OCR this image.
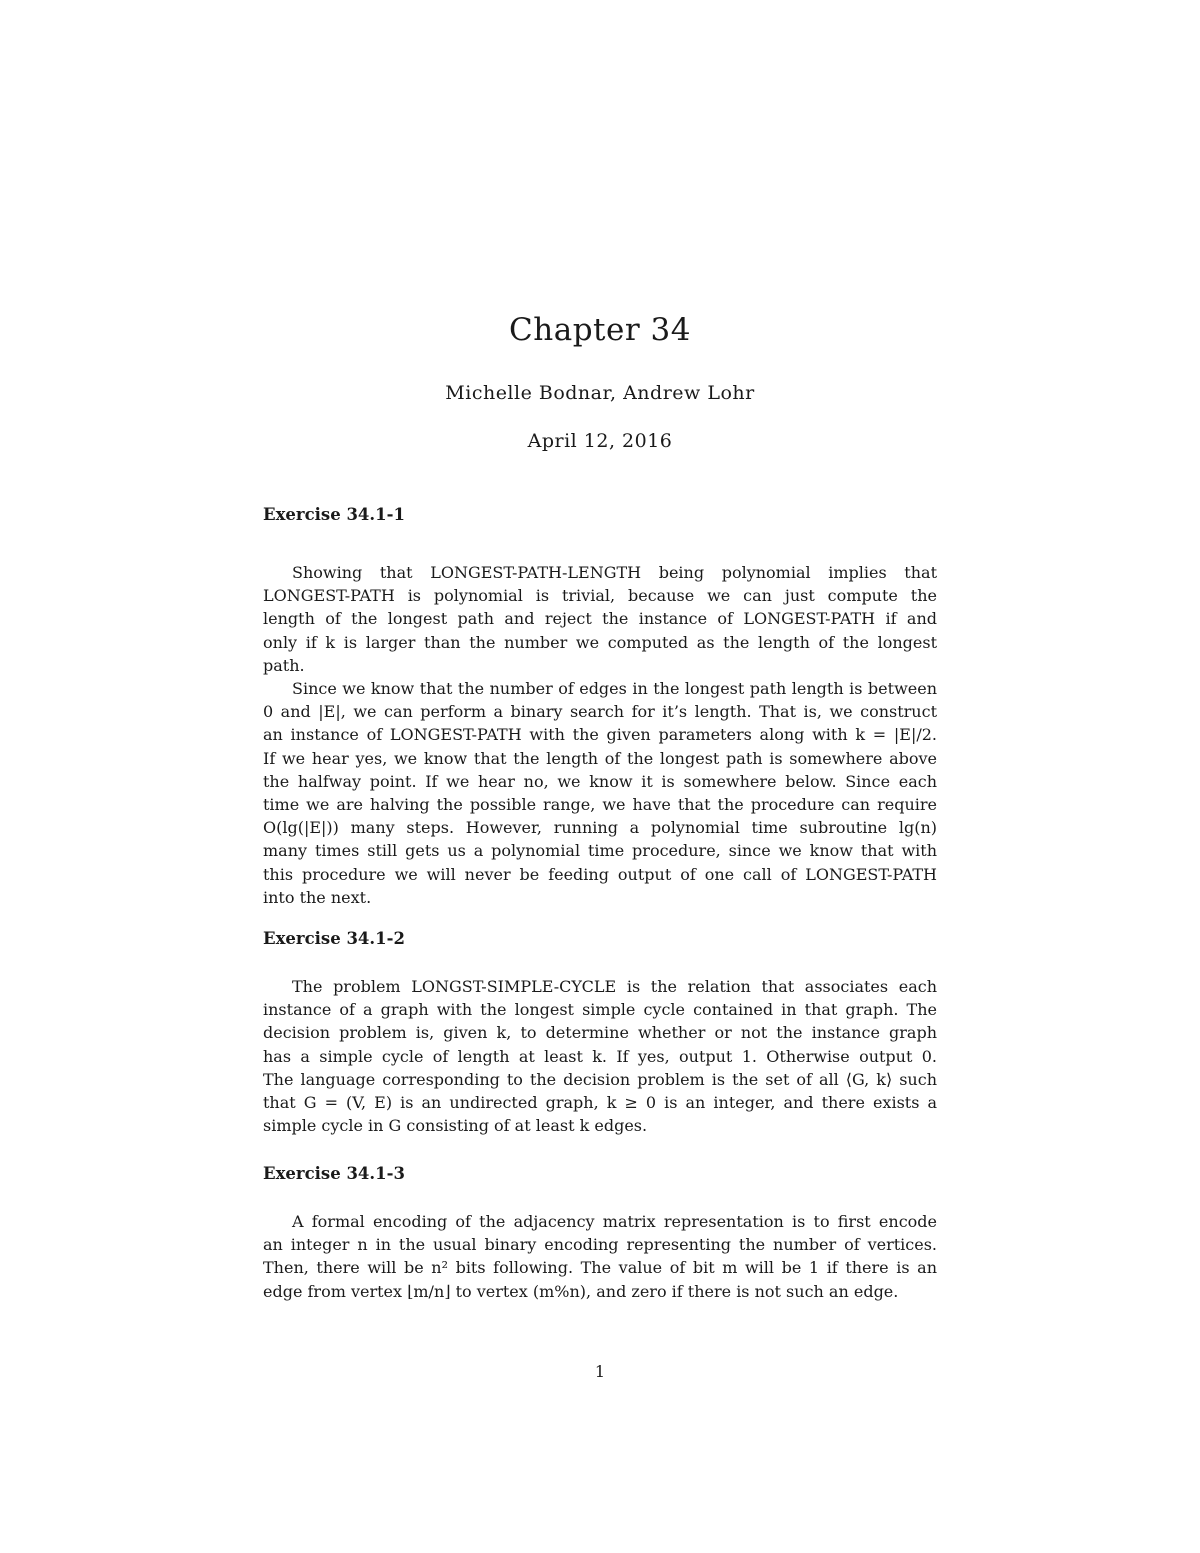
Chapter 34
Michelle Bodnar, Andrew Lohr
April 12, 2016
Exercise 34.1-1
Showing that LONGEST-PATH-LENGTH being polynomial implies that
LONGEST-PATH is polynomial is trivial, because we can just compute the
length of the longest path and reject the instance of LONGEST-PATH if and
only if k is larger than the number we computed as the length of the longest
path.
Since we know that the number of edges in the longest path length is between
0 and |E|, we can perform a binary search for it’s length. That is, we construct
an instance of LONGEST-PATH with the given parameters along with k = |E|/2.
If we hear yes, we know that the length of the longest path is somewhere above
the halfway point. If we hear no, we know it is somewhere below. Since each
time we are halving the possible range, we have that the procedure can require
O(lg(|E|)) many steps. However, running a polynomial time subroutine lg(n)
many times still gets us a polynomial time procedure, since we know that with
this procedure we will never be feeding output of one call of LONGEST-PATH
into the next.
Exercise 34.1-2
The problem LONGST-SIMPLE-CYCLE is the relation that associates each
instance of a graph with the longest simple cycle contained in that graph. The
decision problem is, given k, to determine whether or not the instance graph
has a simple cycle of length at least k. If yes, output 1. Otherwise output 0.
The language corresponding to the decision problem is the set of all ⟨G, k⟩ such
that G = (V, E) is an undirected graph, k ≥ 0 is an integer, and there exists a
simple cycle in G consisting of at least k edges.
Exercise 34.1-3
A formal encoding of the adjacency matrix representation is to first encode
an integer n in the usual binary encoding representing the number of vertices.
Then, there will be n² bits following. The value of bit m will be 1 if there is an
edge from vertex ⌊m/n⌋ to vertex (m%n), and zero if there is not such an edge.
1
